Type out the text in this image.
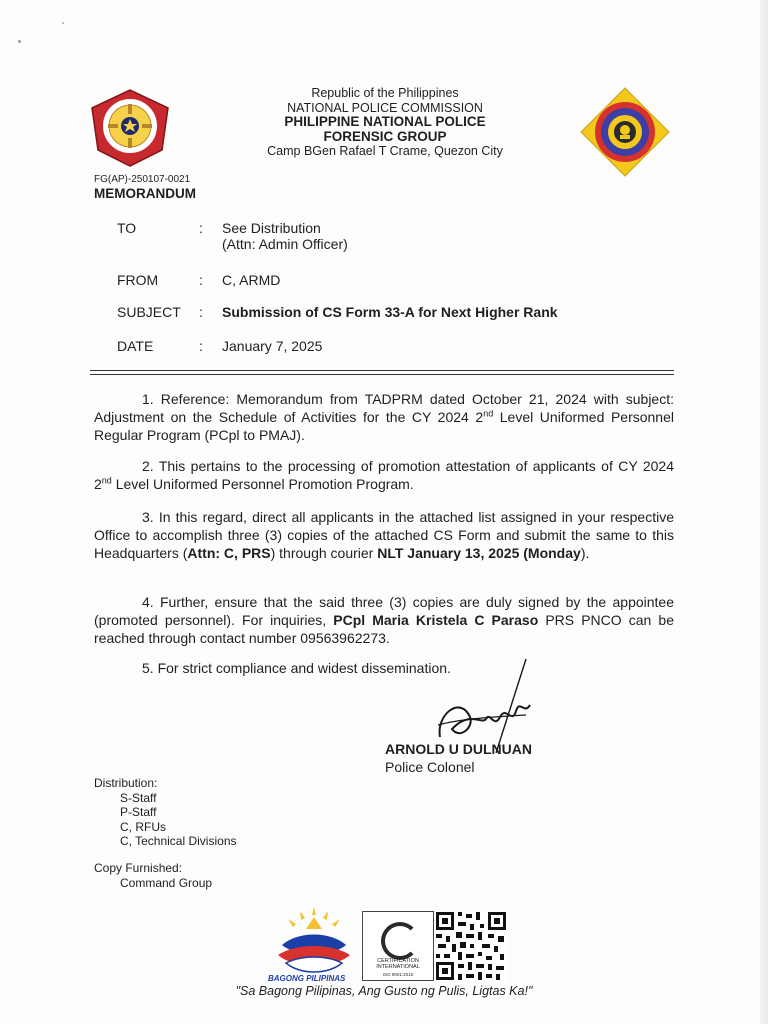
Republic of the Philippines
NATIONAL POLICE COMMISSION
PHILIPPINE NATIONAL POLICE
FORENSIC GROUP
Camp BGen Rafael T Crame, Quezon City
FG(AP)-250107-0021
MEMORANDUM
TO	: See Distribution
(Attn: Admin Officer)
FROM	: C, ARMD
SUBJECT	: Submission of CS Form 33-A for Next Higher Rank
DATE	: January 7, 2025
1. Reference: Memorandum from TADPRM dated October 21, 2024 with subject: Adjustment on the Schedule of Activities for the CY 2024 2nd Level Uniformed Personnel Regular Program (PCpl to PMAJ).
2. This pertains to the processing of promotion attestation of applicants of CY 2024 2nd Level Uniformed Personnel Promotion Program.
3. In this regard, direct all applicants in the attached list assigned in your respective Office to accomplish three (3) copies of the attached CS Form and submit the same to this Headquarters (Attn: C, PRS) through courier NLT January 13, 2025 (Monday).
4. Further, ensure that the said three (3) copies are duly signed by the appointee (promoted personnel). For inquiries, PCpl Maria Kristela C Paraso PRS PNCO can be reached through contact number 09563962273.
5. For strict compliance and widest dissemination.
ARNOLD U DULNUAN
Police Colonel
Distribution:
S-Staff
P-Staff
C, RFUs
C, Technical Divisions
Copy Furnished:
Command Group
BAGONG PILIPINAS
CERTIFICATION
INTERNATIONAL
ISO 9001:2015
"Sa Bagong Pilipinas, Ang Gusto ng Pulis, Ligtas Ka!"
